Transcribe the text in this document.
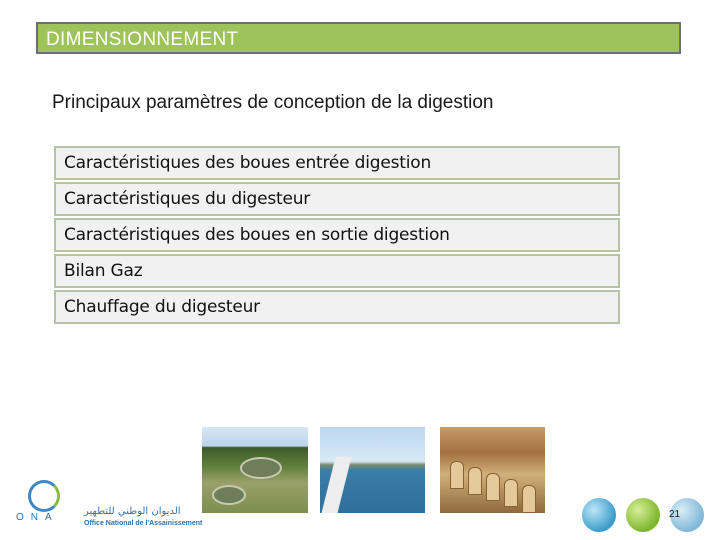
DIMENSIONNEMENT
Principaux paramètres de conception de la digestion
Caractéristiques des boues entrée digestion
Caractéristiques du digesteur
Caractéristiques des boues en sortie digestion
Bilan Gaz
Chauffage du digesteur
ONA
الديوان الوطني للتطهير
Office National de l'Assainissement
21
